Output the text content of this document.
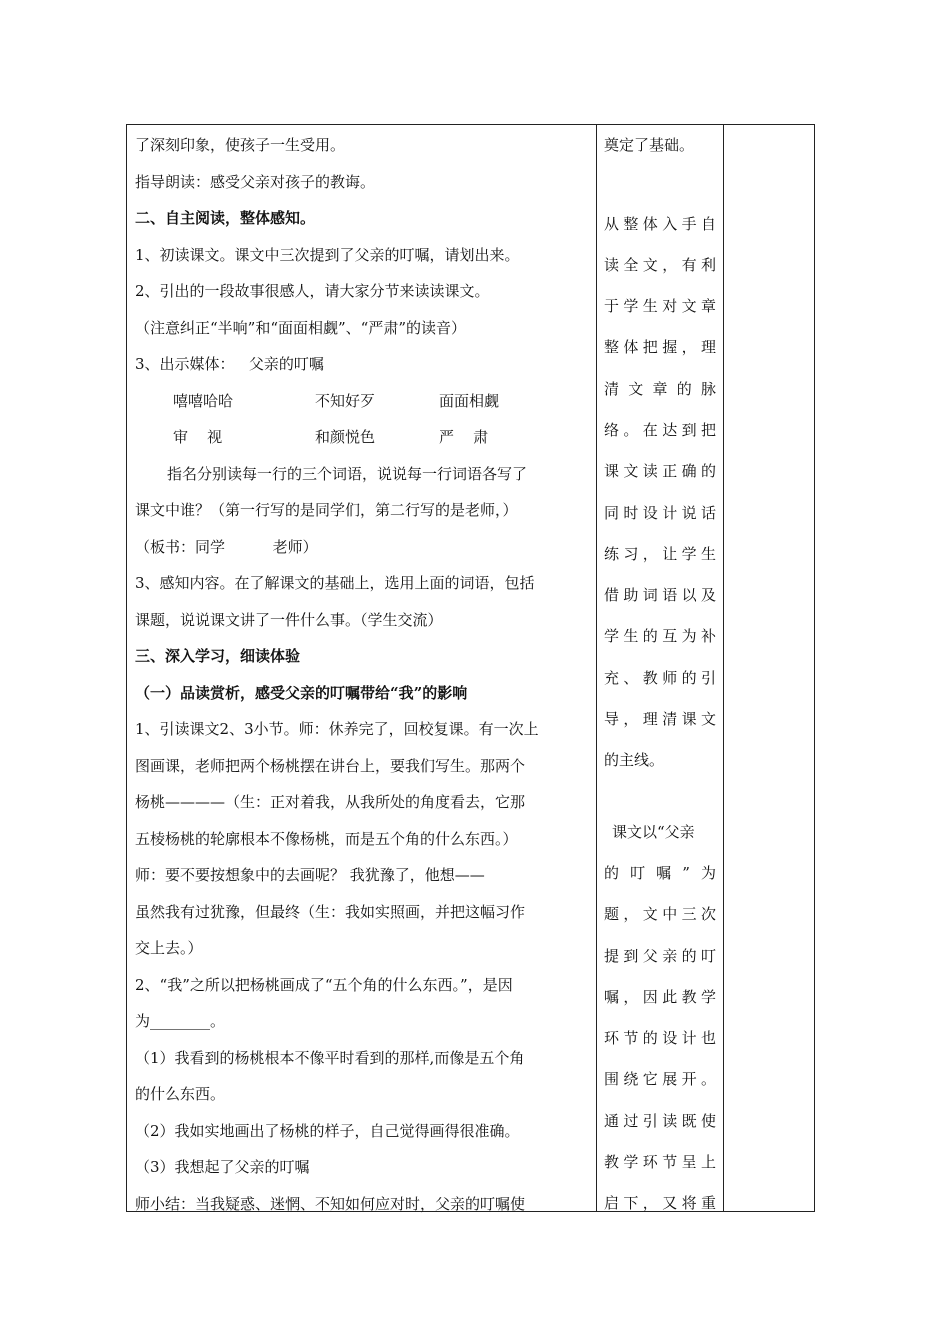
了深刻印象，使孩子一生受用。
指导朗读：感受父亲对孩子的教诲。
二、自主阅读，整体感知。
1、初读课文。课文中三次提到了父亲的叮嘱，请划出来。
2、引出的一段故事很感人，请大家分节来读读课文。
（注意纠正“半响”和“面面相觑”、“严肃”的读音）
3、出示媒体：   父亲的叮嘱
嘻嘻哈哈	不知好歹	面面相觑
审    视	和颜悦色	严    肃
指名分别读每一行的三个词语，说说每一行词语各写了
课文中谁？（第一行写的是同学们，第二行写的是老师，）
（板书：同学          老师）
3、感知内容。在了解课文的基础上，选用上面的词语，包括
课题，说说课文讲了一件什么事。（学生交流）
三、深入学习，细读体验
（一）品读赏析，感受父亲的叮嘱带给“我”的影响
1、引读课文2、3小节。师：休养完了，回校复课。有一次上
图画课，老师把两个杨桃摆在讲台上，要我们写生。那两个
杨桃————（生：正对着我，从我所处的角度看去，它那
五棱杨桃的轮廓根本不像杨桃，而是五个角的什么东西。）
师：要不要按想象中的去画呢？ 我犹豫了，他想——
虽然我有过犹豫，但最终（生：我如实照画，并把这幅习作
交上去。）
2、“我”之所以把杨桃画成了“五个角的什么东西。”，是因
为________。
（1）我看到的杨桃根本不像平时看到的那样,而像是五个角
的什么东西。
（2）我如实地画出了杨桃的样子，自己觉得画得很准确。
（3）我想起了父亲的叮嘱
师小结：当我疑惑、迷惘、不知如何应对时，父亲的叮嘱使
奠定了基础。
从整体入手自
读全文，有利
于学生对文章
整体把握，理
清文章的脉
络。在达到把
课文读正确的
同时设计说话
练习，让学生
借助词语以及
学生的互为补
充、教师的引
导，理清课文
的主线。
课文以“父亲
的叮嘱”为
题，文中三次
提到父亲的叮
嘱，因此教学
环节的设计也
围绕它展开。
通过引读既使
教学环节呈上
启下，又将重
